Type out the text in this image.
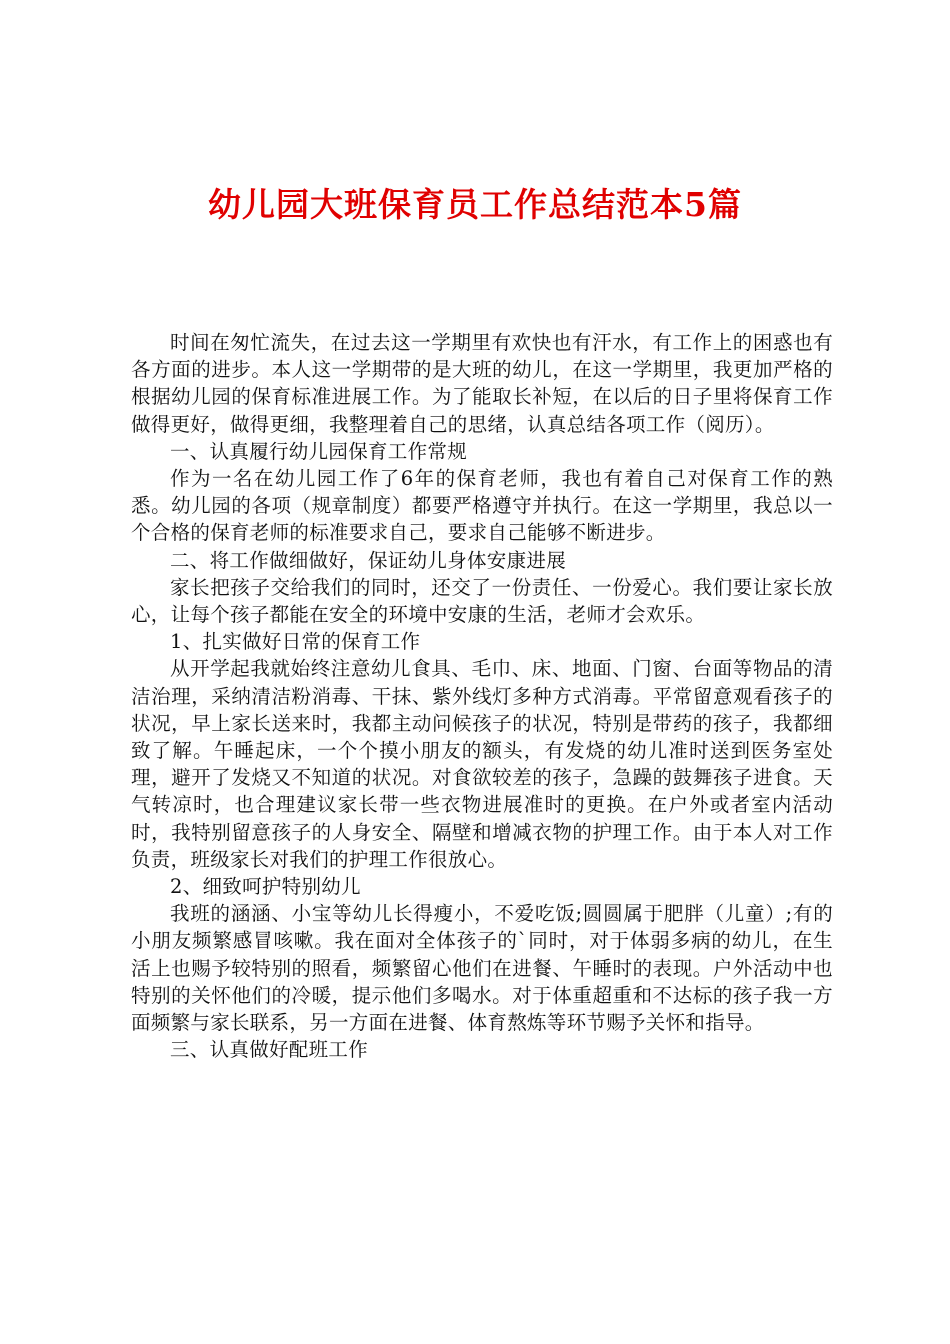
幼儿园大班保育员工作总结范本5篇

时间在匆忙流失，在过去这一学期里有欢快也有汗水，有工作上的困惑也有各方面的进步。本人这一学期带的是大班的幼儿，在这一学期里，我更加严格的根据幼儿园的保育标准进展工作。为了能取长补短，在以后的日子里将保育工作做得更好，做得更细，我整理着自己的思绪，认真总结各项工作（阅历）。

一、认真履行幼儿园保育工作常规

作为一名在幼儿园工作了6年的保育老师，我也有着自己对保育工作的熟悉。幼儿园的各项（规章制度）都要严格遵守并执行。在这一学期里，我总以一个合格的保育老师的标准要求自己，要求自己能够不断进步。

二、将工作做细做好，保证幼儿身体安康进展

家长把孩子交给我们的同时，还交了一份责任、一份爱心。我们要让家长放心，让每个孩子都能在安全的环境中安康的生活，老师才会欢乐。

1、扎实做好日常的保育工作

从开学起我就始终注意幼儿食具、毛巾、床、地面、门窗、台面等物品的清洁治理，采纳清洁粉消毒、干抹、紫外线灯多种方式消毒。平常留意观看孩子的状况，早上家长送来时，我都主动问候孩子的状况，特别是带药的孩子，我都细致了解。午睡起床，一个个摸小朋友的额头，有发烧的幼儿准时送到医务室处理，避开了发烧又不知道的状况。对食欲较差的孩子，急躁的鼓舞孩子进食。天气转凉时，也合理建议家长带一些衣物进展准时的更换。在户外或者室内活动时，我特别留意孩子的人身安全、隔壁和增减衣物的护理工作。由于本人对工作负责，班级家长对我们的护理工作很放心。

2、细致呵护特别幼儿

我班的涵涵、小宝等幼儿长得瘦小，不爱吃饭;圆圆属于肥胖（儿童）;有的小朋友频繁感冒咳嗽。我在面对全体孩子的`同时，对于体弱多病的幼儿，在生活上也赐予较特别的照看，频繁留心他们在进餐、午睡时的表现。户外活动中也特别的关怀他们的冷暖，提示他们多喝水。对于体重超重和不达标的孩子我一方面频繁与家长联系，另一方面在进餐、体育熬炼等环节赐予关怀和指导。

三、认真做好配班工作
